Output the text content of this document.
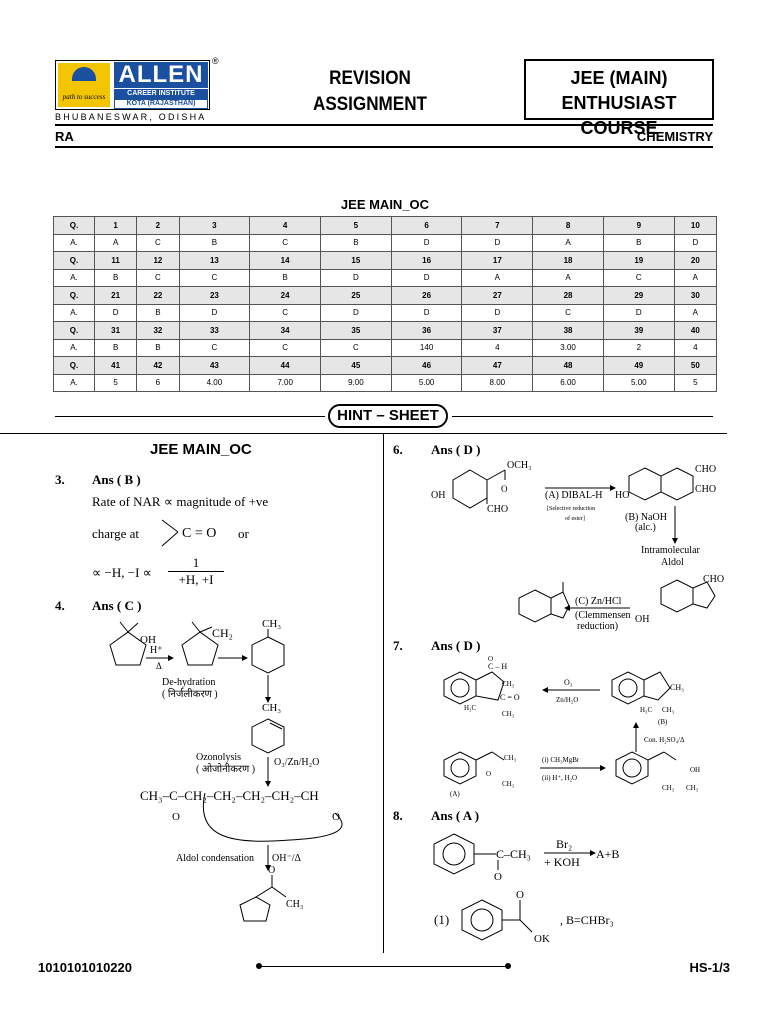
path to success
ALLEN
CAREER INSTITUTE
KOTA (RAJASTHAN)
®
BHUBANESWAR, ODISHA
REVISION
ASSIGNMENT
JEE (MAIN)
ENTHUSIAST COURSE
RA	CHEMISTRY
JEE MAIN_OC
Q.	1	2	3	4	5	6	7	8	9	10
A.	A	C	B	C	B	D	D	A	B	D
Q.	11	12	13	14	15	16	17	18	19	20
A.	B	C	C	B	D	D	A	A	C	A
Q.	21	22	23	24	25	26	27	28	29	30
A.	D	B	D	C	D	D	D	C	D	A
Q.	31	32	33	34	35	36	37	38	39	40
A.	B	B	C	C	C	140	4	3.00	2	4
Q.	41	42	43	44	45	46	47	48	49	50
A.	5	6	4.00	7.00	9.00	5.00	8.00	6.00	5.00	5
HINT – SHEET
JEE MAIN_OC
3. Ans ( B )
Rate of NAR ∝ magnitude of +ve
charge at	C = O or
∝ −H, $-I \propto \frac{1}{+H, +I}$
4. Ans ( C )
OH
H⁺
Δ
CH₂
CH₃
De-hydration
( निर्जलीकरण )
CH₃
Ozonolysis
( ओजोनीकरण )
O₃/Zn/H₂O
CH₃–C–CH₂–CH₂–CH₂–CH₂–CH
O	O
Aldol condensation OH⁻/Δ
O
CH₃
6. Ans ( D )
O
OCH₃
OH
CHO
(A) DIBAL-H
[Selective reduction
of ester]
CHO
CHO
HO
(B) NaOH
(alc.)
Intramolecular
Aldol
CHO
OH
(C) Zn/HCl
(Clemmensen
reduction)
7. Ans ( D )
C – H
O
CH₃
H₃C
C = O
CH₃
O₃
Zn/H₂O
CH₃
H₃C CH₃
(B)
Con. H₂SO₄/Δ
CH₃
O
CH₃
(A)
(i) CH₃MgBr
(ii) H⁺, H₂O
OH
CH₃ CH₃
8. Ans ( A )
C–CH₃
O
Br₂
+ KOH
A+B
(1)
O
OK
, B=CHBr₃
1010101010220	HS-1/3
